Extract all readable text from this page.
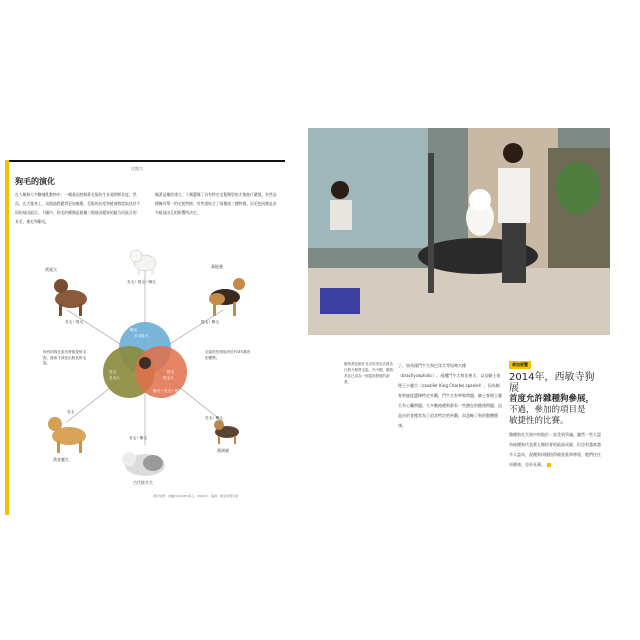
狗毛的演化
在人類和大多數哺乳動物中，一種基因控制著毛髮的生長週期和長度。然而，在犬隻身上，這個過程變得更加複雜，毛髮的長度和捲曲程度取決於不同的基因組合。下圖中，狗毛的種類是根據三個基因變異的組合而區分的：長毛、捲毛和剛毛。
隨著品種的建立，人類選擇了具有特定毛髮類型的犬隻進行繁殖。有些品種擁有單一的毛髮特徵，有些則結合了兩種或三種特徵。而毛色同樣是由多組基因互相影響所決定。
比熊犬
貴賓犬
萬能㹴
黃金獵犬
古代牧羊犬
澳洲㹴
長毛＋捲毛＋剛毛
長毛＋捲毛	捲毛＋剛毛
長毛
長毛＋剛毛
長毛＋剛毛
剛毛
多毛捲犬
長毛
長毛犬
捲毛
捲毛犬
剛毛＋長毛＋捲毛
所有的狗在祖先時都是短毛狗，後來才演化出較長的毛髮。
毛髮的長短取決於FGF5基因的變異。
資料來源：改編自CADIEU等人，2009年；插畫：國家地理學會
寵物美容師在北京的美容店裡為比熊犬修剪毛髮。在中國，寵物美容已成為一個蓬勃發展的產業。
了，如英國鬥牛犬和巴哥犬等短吻犬種（brachycephalic）。兩種鬥牛犬和比格犬，以及騎士查理王小獵犬（cavalier King Charles spaniel），因為飼育時過度選擇特定外觀，鬥牛犬有呼吸問題，騎士查理王獵犬有心臟問題。大多數純種狗都有一些潛在的健康問題，這是由於育種者為了追求特定的外觀，而忽略了狗的整體健康。
參加展覽
2014年，西敏寺狗展
首度允許雜種狗參展，
不過，參加的項目是
敏捷性的比賽。
雜種狗在犬展中的地位一直受到爭議。雖然一些人認為純種狗代表著人類培育的最高成就，但也有越來越多人認為，混種狗同樣值得被欣賞和尊重，牠們往往更健康、也更長壽。
